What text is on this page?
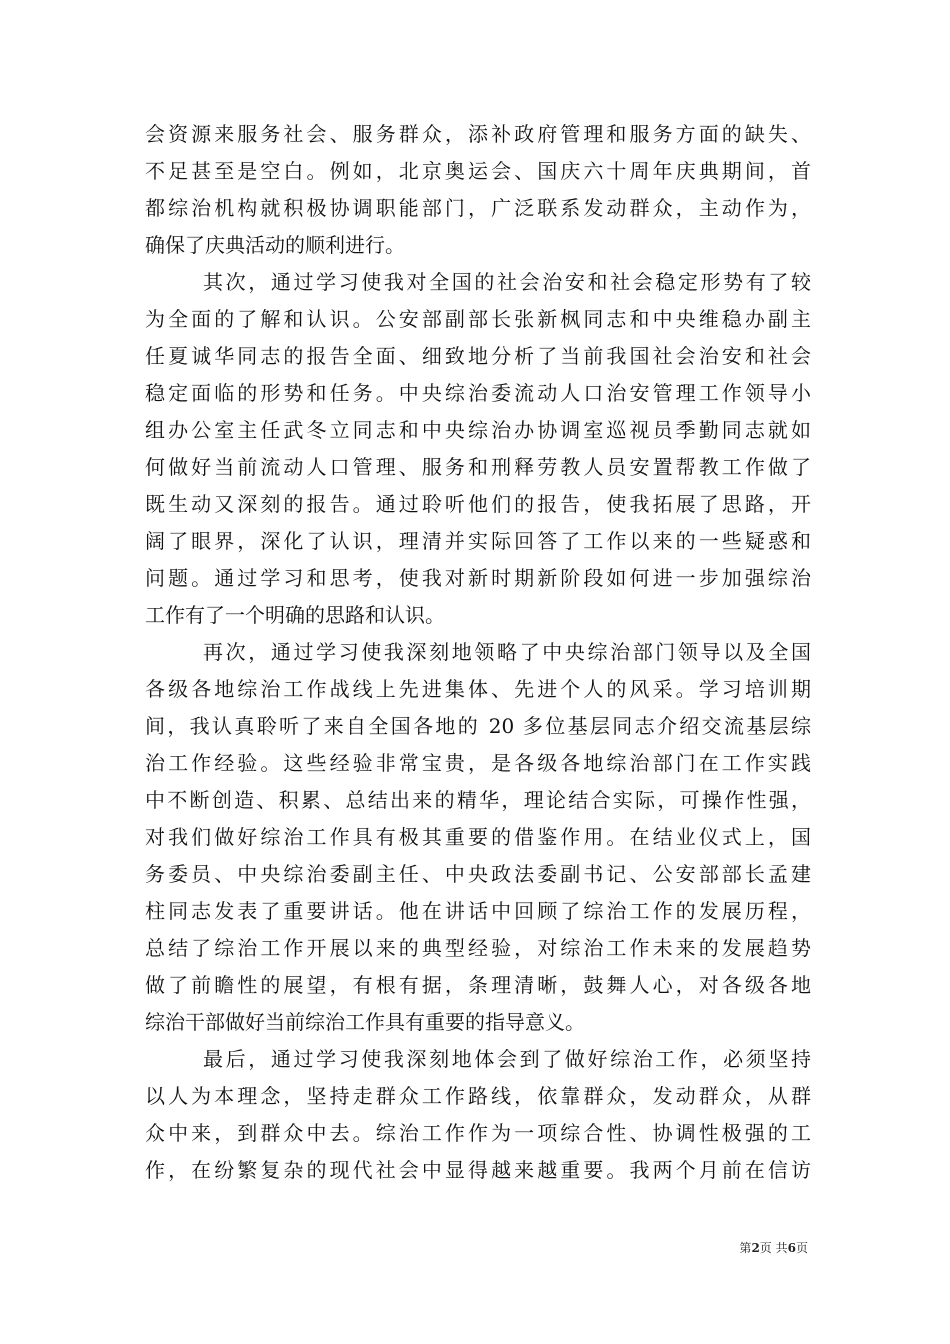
会资源来服务社会、服务群众，添补政府管理和服务方面的缺失、
不足甚至是空白。例如，北京奥运会、国庆六十周年庆典期间，首
都综治机构就积极协调职能部门，广泛联系发动群众，主动作为，
确保了庆典活动的顺利进行。
其次，通过学习使我对全国的社会治安和社会稳定形势有了较
为全面的了解和认识。公安部副部长张新枫同志和中央维稳办副主
任夏诚华同志的报告全面、细致地分析了当前我国社会治安和社会
稳定面临的形势和任务。中央综治委流动人口治安管理工作领导小
组办公室主任武冬立同志和中央综治办协调室巡视员季勤同志就如
何做好当前流动人口管理、服务和刑释劳教人员安置帮教工作做了
既生动又深刻的报告。通过聆听他们的报告，使我拓展了思路，开
阔了眼界，深化了认识，理清并实际回答了工作以来的一些疑惑和
问题。通过学习和思考，使我对新时期新阶段如何进一步加强综治
工作有了一个明确的思路和认识。
再次，通过学习使我深刻地领略了中央综治部门领导以及全国
各级各地综治工作战线上先进集体、先进个人的风采。学习培训期
间，我认真聆听了来自全国各地的 20 多位基层同志介绍交流基层综
治工作经验。这些经验非常宝贵，是各级各地综治部门在工作实践
中不断创造、积累、总结出来的精华，理论结合实际，可操作性强，
对我们做好综治工作具有极其重要的借鉴作用。在结业仪式上，国
务委员、中央综治委副主任、中央政法委副书记、公安部部长孟建
柱同志发表了重要讲话。他在讲话中回顾了综治工作的发展历程，
总结了综治工作开展以来的典型经验，对综治工作未来的发展趋势
做了前瞻性的展望，有根有据，条理清晰，鼓舞人心，对各级各地
综治干部做好当前综治工作具有重要的指导意义。
最后，通过学习使我深刻地体会到了做好综治工作，必须坚持
以人为本理念，坚持走群众工作路线，依靠群众，发动群众，从群
众中来，到群众中去。综治工作作为一项综合性、协调性极强的工
作，在纷繁复杂的现代社会中显得越来越重要。我两个月前在信访
第2页 共6页
